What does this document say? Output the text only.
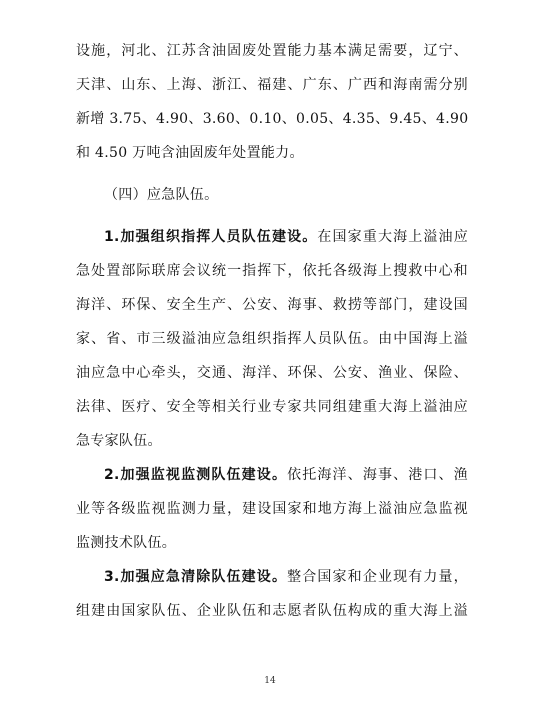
设施，河北、江苏含油固废处置能力基本满足需要，辽宁、
天津、山东、上海、浙江、福建、广东、广西和海南需分别
新增 3.75、4.90、3.60、0.10、0.05、4.35、9.45、4.90
和 4.50 万吨含油固废年处置能力。
（四）应急队伍。
1.加强组织指挥人员队伍建设。在国家重大海上溢油应
急处置部际联席会议统一指挥下，依托各级海上搜救中心和
海洋、环保、安全生产、公安、海事、救捞等部门，建设国
家、省、市三级溢油应急组织指挥人员队伍。由中国海上溢
油应急中心牵头，交通、海洋、环保、公安、渔业、保险、
法律、医疗、安全等相关行业专家共同组建重大海上溢油应
急专家队伍。
2.加强监视监测队伍建设。依托海洋、海事、港口、渔
业等各级监视监测力量，建设国家和地方海上溢油应急监视
监测技术队伍。
3.加强应急清除队伍建设。整合国家和企业现有力量，
组建由国家队伍、企业队伍和志愿者队伍构成的重大海上溢
14
